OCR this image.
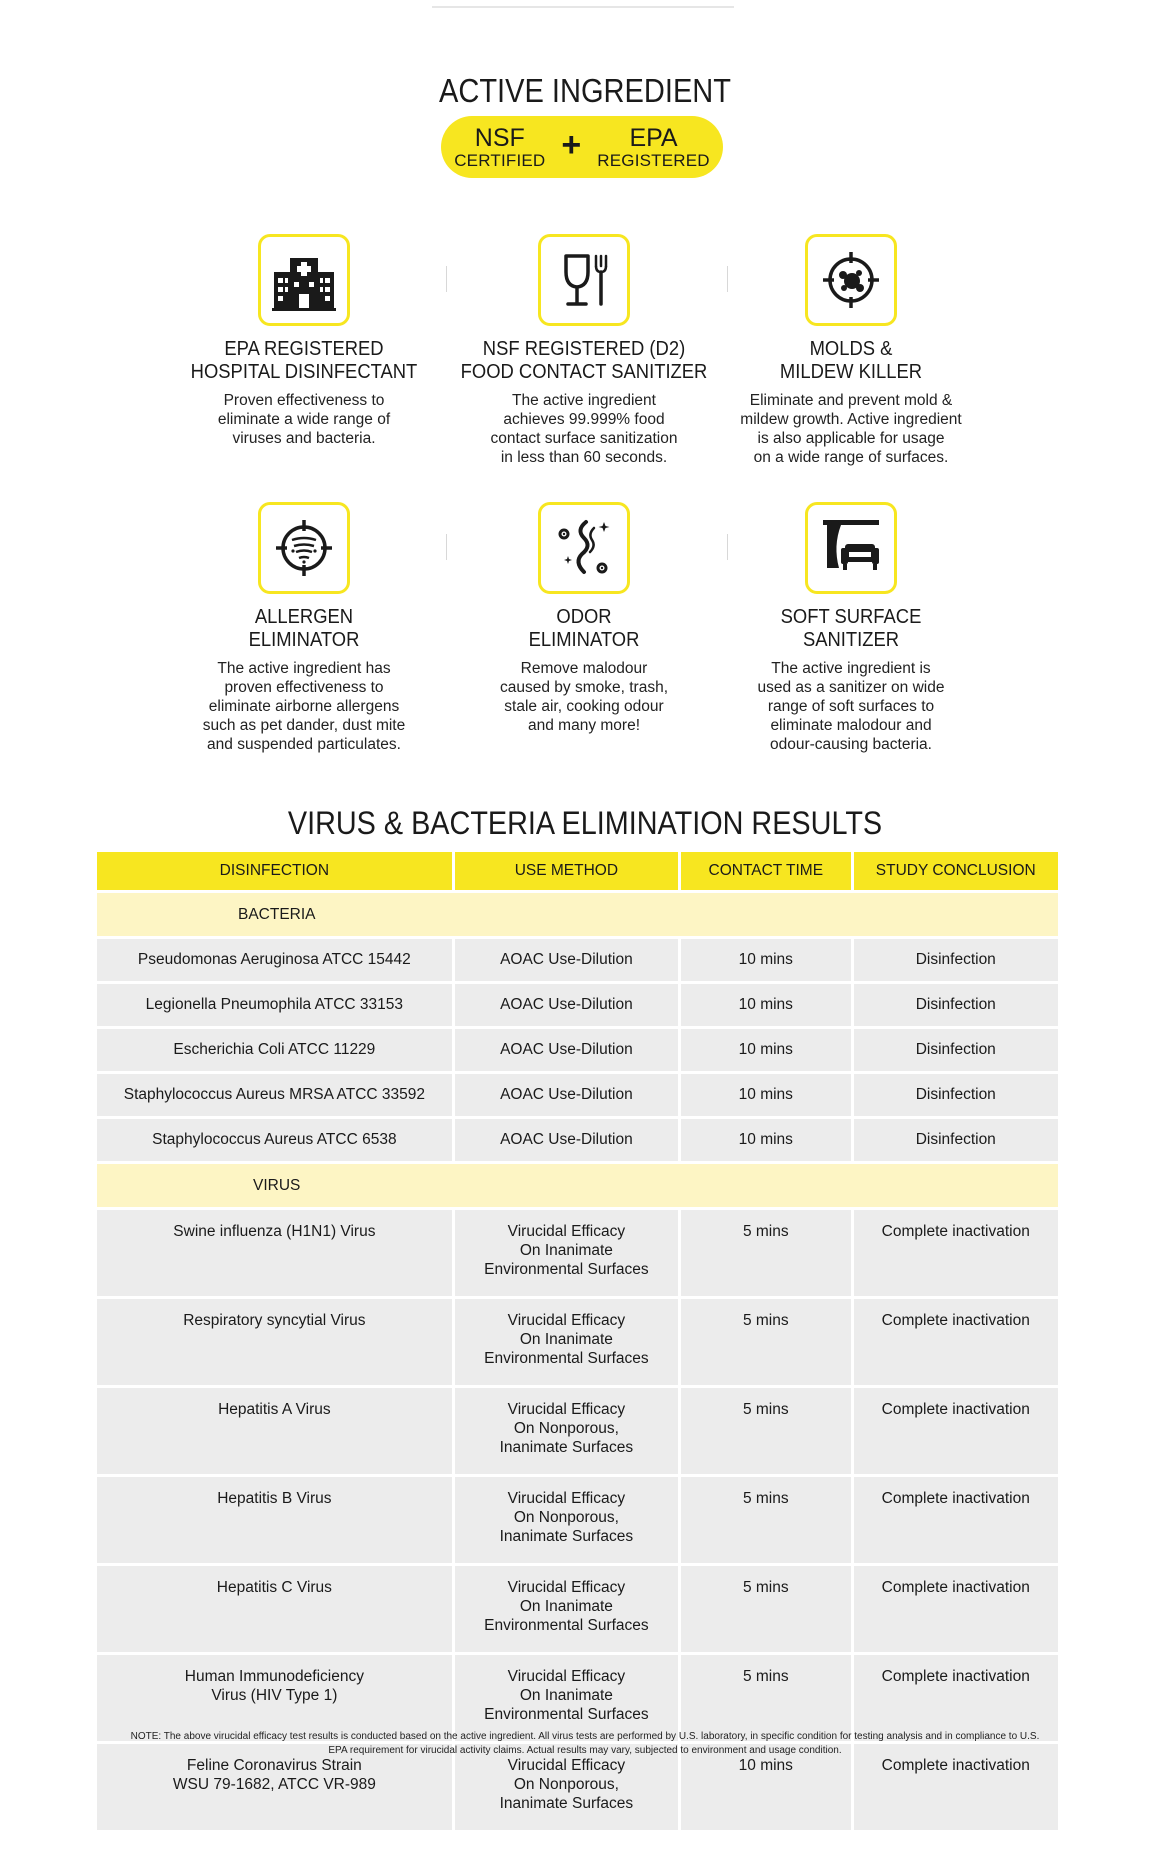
ACTIVE INGREDIENT
NSF
CERTIFIED +	EPA
REGISTERED
EPA REGISTERED
HOSPITAL DISINFECTANT
Proven effectiveness to
eliminate a wide range of
viruses and bacteria.
NSF REGISTERED (D2)
FOOD CONTACT SANITIZER
The active ingredient
achieves 99.999% food
contact surface sanitization
in less than 60 seconds.
MOLDS &
MILDEW KILLER
Eliminate and prevent mold &
mildew growth. Active ingredient
is also applicable for usage
on a wide range of surfaces.
ALLERGEN
ELIMINATOR
The active ingredient has
proven effectiveness to
eliminate airborne allergens
such as pet dander, dust mite
and suspended particulates.
ODOR
ELIMINATOR
Remove malodour
caused by smoke, trash,
stale air, cooking odour
and many more!
SOFT SURFACE
SANITIZER
The active ingredient is
used as a sanitizer on wide
range of soft surfaces to
eliminate malodour and
odour-causing bacteria.
VIRUS & BACTERIA ELIMINATION RESULTS
DISINFECTION	USE METHOD	CONTACT TIME	STUDY CONCLUSION
BACTERIA			
Pseudomonas Aeruginosa ATCC 15442	AOAC Use-Dilution	10 mins	Disinfection
Legionella Pneumophila ATCC 33153	AOAC Use-Dilution	10 mins	Disinfection
Escherichia Coli ATCC 11229	AOAC Use-Dilution	10 mins	Disinfection
Staphylococcus Aureus MRSA ATCC 33592	AOAC Use-Dilution	10 mins	Disinfection
Staphylococcus Aureus ATCC 6538	AOAC Use-Dilution	10 mins	Disinfection
VIRUS			
Swine influenza (H1N1) Virus	Virucidal Efficacy
On Inanimate
Environmental Surfaces	5 mins	Complete inactivation
Respiratory syncytial Virus	Virucidal Efficacy
On Inanimate
Environmental Surfaces	5 mins	Complete inactivation
Hepatitis A Virus	Virucidal Efficacy
On Nonporous,
Inanimate Surfaces	5 mins	Complete inactivation
Hepatitis B Virus	Virucidal Efficacy
On Nonporous,
Inanimate Surfaces	5 mins	Complete inactivation
Hepatitis C Virus	Virucidal Efficacy
On Inanimate
Environmental Surfaces	5 mins	Complete inactivation
Human Immunodeficiency
Virus (HIV Type 1)	Virucidal Efficacy
On Inanimate
Environmental Surfaces	5 mins	Complete inactivation
Feline Coronavirus Strain
WSU 79-1682, ATCC VR-989	Virucidal Efficacy
On Nonporous,
Inanimate Surfaces	10 mins	Complete inactivation
NOTE: The above virucidal efficacy test results is conducted based on the active ingredient. All virus tests are performed by U.S. laboratory, in specific condition for testing analysis and in compliance to U.S. EPA requirement for virucidal activity claims. Actual results may vary, subjected to environment and usage condition.
